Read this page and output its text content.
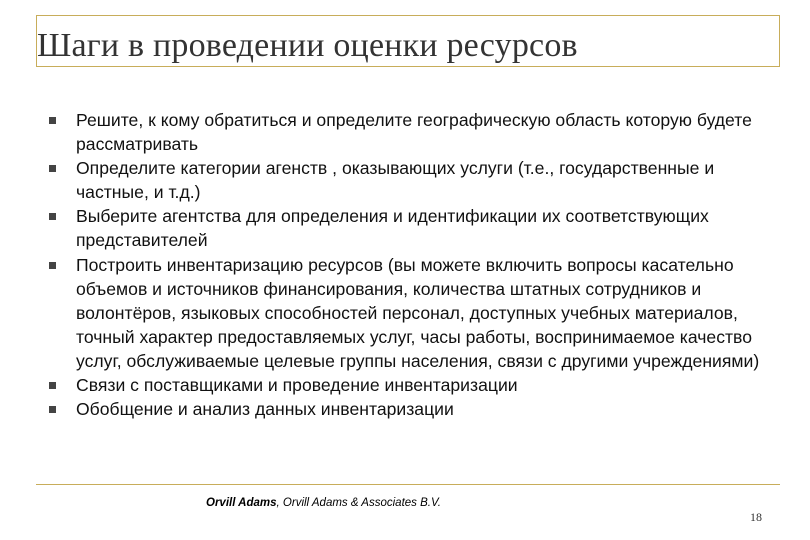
Шаги в проведении оценки ресурсов
Решите, к кому обратиться и определите географическую область которую будете рассматривать
Определите категории агенств , оказывающих услуги (т.е., государственные и частные, и т.д.)
Выберите агентства для определения и идентификации их соответствующих представителей
Построить инвентаризацию ресурсов (вы можете включить вопросы касательно объемов и источников финансирования, количества штатных сотрудников и волонтёров, языковых способностей персонал, доступных учебных материалов, точный характер предоставляемых услуг, часы работы, воспринимаемое качество услуг, обслуживаемые целевые группы населения, связи с другими учреждениями)
Связи с поставщиками и проведение инвентаризации
Обобщение и анализ данных инвентаризации
Orvill Adams, Orvill Adams & Associates B.V.
18
